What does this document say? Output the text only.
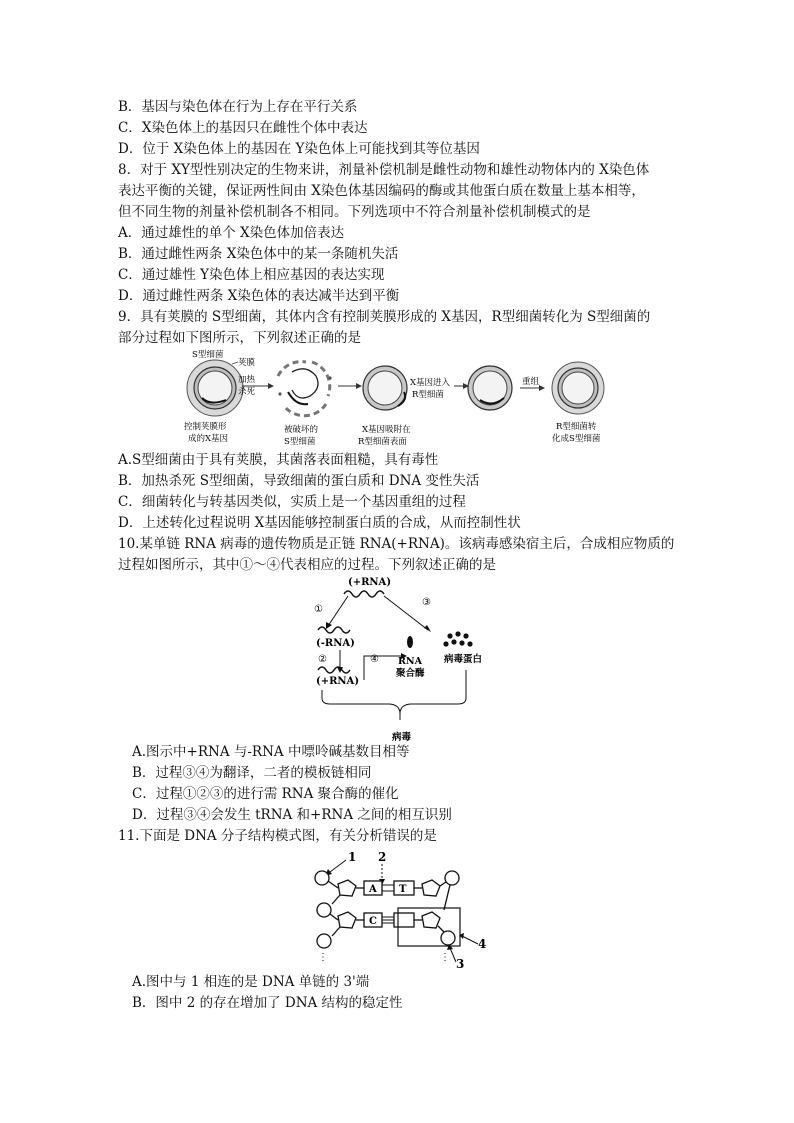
B．基因与染色体在行为上存在平行关系
C．X染色体上的基因只在雌性个体中表达
D．位于 X染色体上的基因在 Y染色体上可能找到其等位基因
8．对于 XY型性别决定的生物来讲，剂量补偿机制是雌性动物和雄性动物体内的 X染色体
表达平衡的关键，保证两性间由 X染色体基因编码的酶或其他蛋白质在数量上基本相等，
但不同生物的剂量补偿机制各不相同。下列选项中不符合剂量补偿机制模式的是
A．通过雄性的单个 X染色体加倍表达
B．通过雌性两条 X染色体中的某一条随机失活
C．通过雄性 Y染色体上相应基因的表达实现
D．通过雌性两条 X染色体的表达减半达到平衡
9．具有荚膜的 S型细菌，其体内含有控制荚膜形成的 X基因，R型细菌转化为 S型细菌的
部分过程如下图所示，下列叙述正确的是
S型细菌
荚膜
加热
杀死
X基因进入
R型细菌
重组
控制荚膜形
成的X基因
被破坏的
S型细菌
X基因吸附在
R型细菌表面
R型细菌转
化成S型细菌
A.S型细菌由于具有荚膜，其菌落表面粗糙，具有毒性
B．加热杀死 S型细菌，导致细菌的蛋白质和 DNA 变性失活
C．细菌转化与转基因类似，实质上是一个基因重组的过程
D．上述转化过程说明 X基因能够控制蛋白质的合成，从而控制性状
10.某单链 RNA 病毒的遗传物质是正链 RNA(+RNA)。该病毒感染宿主后，合成相应物质的
过程如图所示，其中①～④代表相应的过程。下列叙述正确的是
(+RNA)
①
③
(-RNA)
②
(+RNA)
④ RNA
聚合酶
病毒蛋白
病毒
A.图示中+RNA 与-RNA 中嘌呤碱基数目相等
B．过程③④为翻译，二者的模板链相同
C．过程①②③的进行需 RNA 聚合酶的催化
D．过程③④会发生 tRNA 和+RNA 之间的相互识别
11.下面是 DNA 分子结构模式图，有关分析错误的是
1 2
⋮
A T
C
⋮
4
3
A.图中与 1 相连的是 DNA 单链的 3'端
B．图中 2 的存在增加了 DNA 结构的稳定性
